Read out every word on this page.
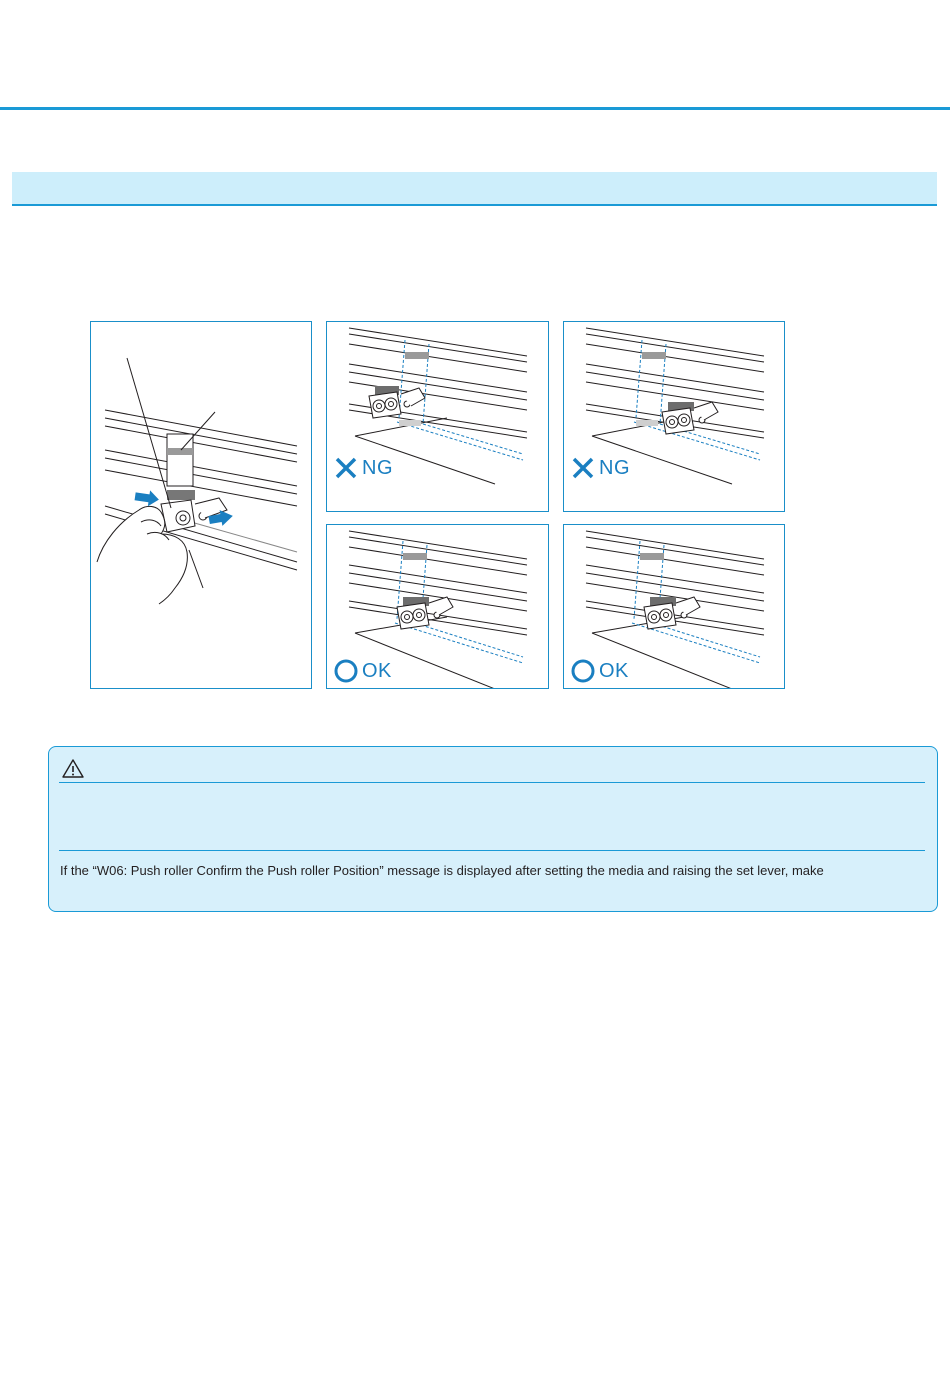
NG	NG
OK	OK
If the “W06: Push roller Confirm the Push roller Position” message is displayed after setting the media and raising the set lever, make
